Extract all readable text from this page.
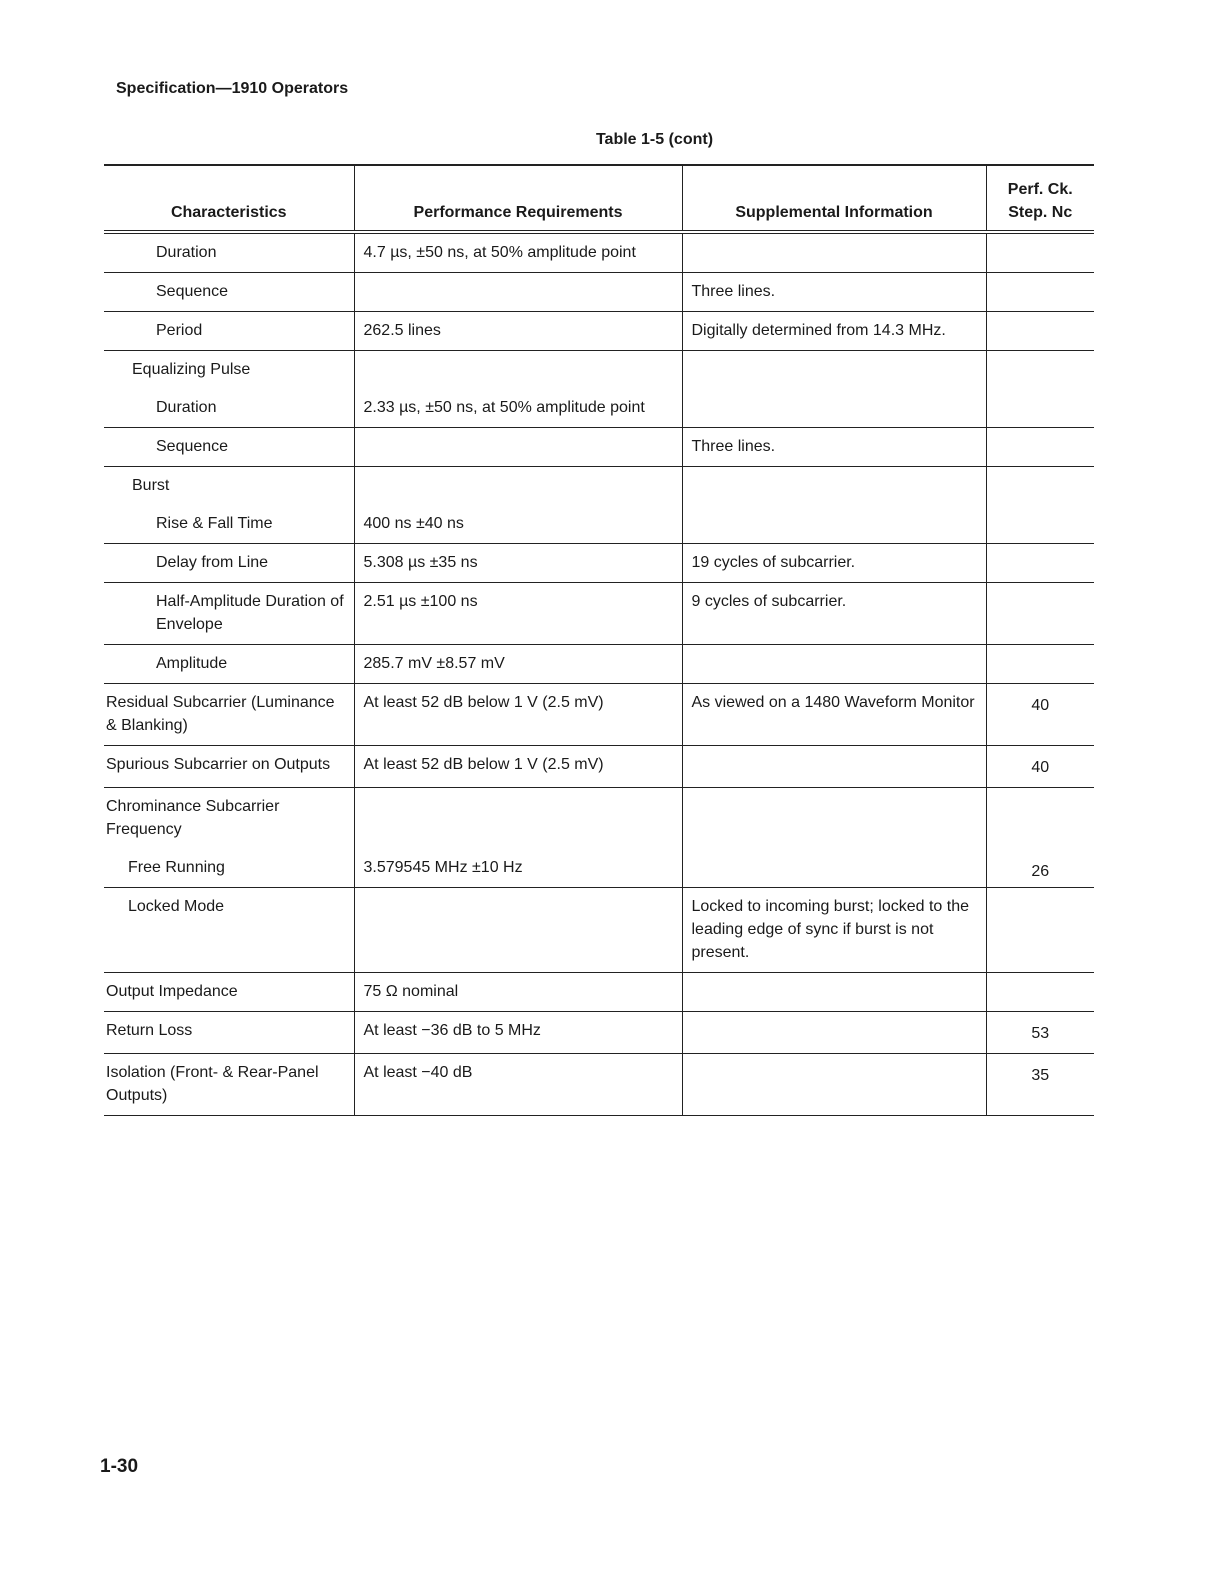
Specification—1910 Operators
Table 1-5 (cont)
Characteristics	Performance Requirements	Supplemental Information	Perf. Ck. Step. Nc
Duration	4.7 µs, ±50 ns, at 50% amplitude point		
Sequence		Three lines.	
Period	262.5 lines	Digitally determined from 14.3 MHz.	
Equalizing Pulse			
Duration	2.33 µs, ±50 ns, at 50% amplitude point		
Sequence		Three lines.	
Burst			
Rise & Fall Time	400 ns ±40 ns		
Delay from Line	5.308 µs ±35 ns	19 cycles of subcarrier.	
Half-Amplitude Duration of Envelope	2.51 µs ±100 ns	9 cycles of subcarrier.	
Amplitude	285.7 mV ±8.57 mV		
Residual Subcarrier (Luminance & Blanking)	At least 52 dB below 1 V (2.5 mV)	As viewed on a 1480 Waveform Monitor	40
Spurious Subcarrier on Outputs	At least 52 dB below 1 V (2.5 mV)		40
Chrominance Subcarrier Frequency			
Free Running	3.579545 MHz ±10 Hz		26
Locked Mode		Locked to incoming burst; locked to the leading edge of sync if burst is not present.	
Output Impedance	75 Ω nominal		
Return Loss	At least −36 dB to 5 MHz		53
Isolation (Front- & Rear-Panel Outputs)	At least −40 dB		35
1-30
